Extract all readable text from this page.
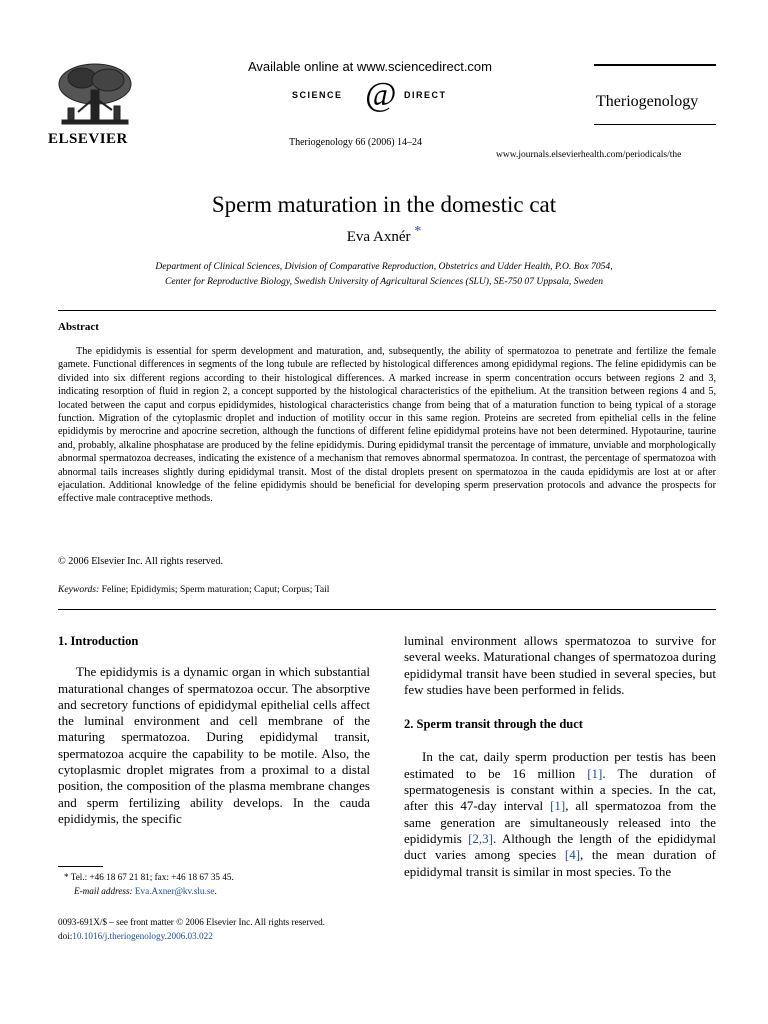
ELSEVIER
Available online at www.sciencedirect.com
SCIENCE @ DIRECT
Theriogenology 66 (2006) 14–24
Theriogenology
www.journals.elsevierhealth.com/periodicals/the
Sperm maturation in the domestic cat
Eva Axnér *
Department of Clinical Sciences, Division of Comparative Reproduction, Obstetrics and Udder Health, P.O. Box 7054,
Center for Reproductive Biology, Swedish University of Agricultural Sciences (SLU), SE-750 07 Uppsala, Sweden
Abstract
The epididymis is essential for sperm development and maturation, and, subsequently, the ability of spermatozoa to penetrate and fertilize the female gamete. Functional differences in segments of the long tubule are reflected by histological differences among epididymal regions. The feline epididymis can be divided into six different regions according to their histological differences. A marked increase in sperm concentration occurs between regions 2 and 3, indicating resorption of fluid in region 2, a concept supported by the histological characteristics of the epithelium. At the transition between regions 4 and 5, located between the caput and corpus epididymides, histological characteristics change from being that of a maturation function to being typical of a storage function. Migration of the cytoplasmic droplet and induction of motility occur in this same region. Proteins are secreted from epithelial cells in the feline epididymis by merocrine and apocrine secretion, although the functions of different feline epididymal proteins have not been determined. Hypotaurine, taurine and, probably, alkaline phosphatase are produced by the feline epididymis. During epididymal transit the percentage of immature, unviable and morphologically abnormal spermatozoa decreases, indicating the existence of a mechanism that removes abnormal spermatozoa. In contrast, the percentage of spermatozoa with abnormal tails increases slightly during epididymal transit. Most of the distal droplets present on spermatozoa in the cauda epididymis are lost at or after ejaculation. Additional knowledge of the feline epididymis should be beneficial for developing sperm preservation protocols and advance the prospects for effective male contraceptive methods.
© 2006 Elsevier Inc. All rights reserved.
Keywords: Feline; Epididymis; Sperm maturation; Caput; Corpus; Tail
1. Introduction

The epididymis is a dynamic organ in which substantial maturational changes of spermatozoa occur. The absorptive and secretory functions of epididymal epithelial cells affect the luminal environment and cell membrane of the maturing spermatozoa. During epididymal transit, spermatozoa acquire the capability to be motile. Also, the cytoplasmic droplet migrates from a proximal to a distal position, the composition of the plasma membrane changes and sperm fertilizing ability develops. In the cauda epididymis, the specific

luminal environment allows spermatozoa to survive for several weeks. Maturational changes of spermatozoa during epididymal transit have been studied in several species, but few studies have been performed in felids.

2. Sperm transit through the duct

In the cat, daily sperm production per testis has been estimated to be 16 million [1]. The duration of spermatogenesis is constant within a species. In the cat, after this 47-day interval [1], all spermatozoa from the same generation are simultaneously released into the epididymis [2,3]. Although the length of the epididymal duct varies among species [4], the mean duration of epididymal transit is similar in most species. To the

* Tel.: +46 18 67 21 81; fax: +46 18 67 35 45.
E-mail address: Eva.Axner@kv.slu.se.
0093-691X/$ – see front matter © 2006 Elsevier Inc. All rights reserved.
doi:10.1016/j.theriogenology.2006.03.022
